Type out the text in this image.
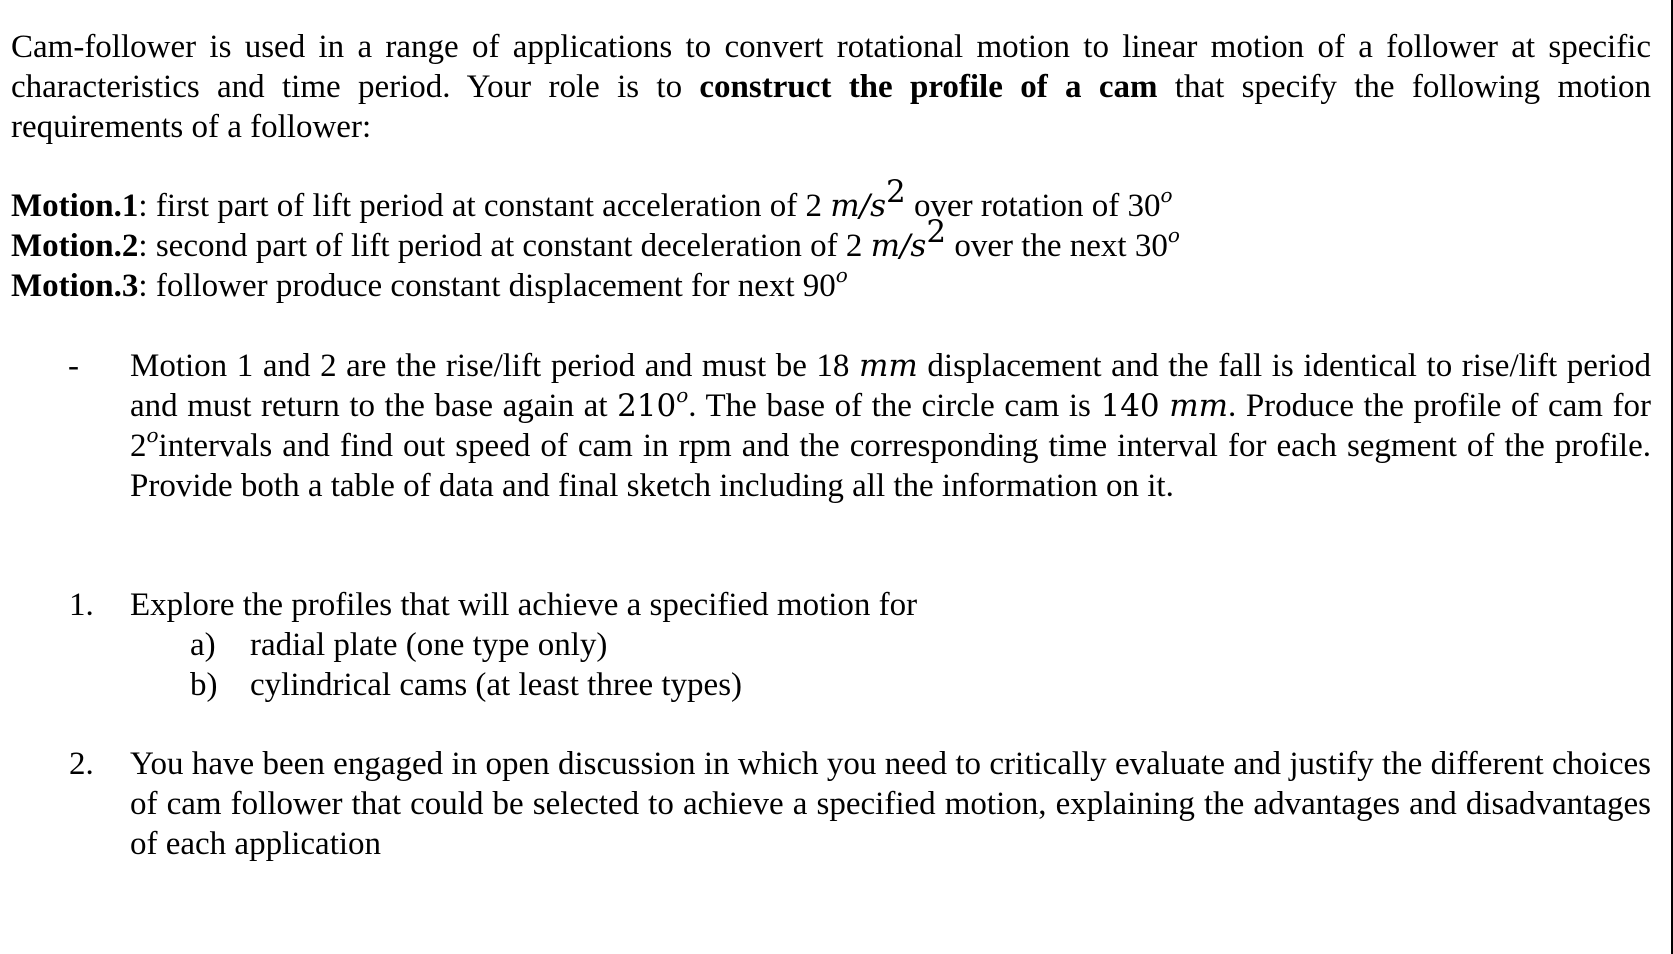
Cam-follower is used in a range of applications to convert rotational motion to linear motion of a follower at specific characteristics and time period. Your role is to construct the profile of a cam that specify the following motion requirements of a follower:
Motion.1: first part of lift period at constant acceleration of 2 $m/s^2$ over rotation of 30$^o$
Motion.2: second part of lift period at constant deceleration of 2 $m/s^2$ over the next 30$^o$
Motion.3: follower produce constant displacement for next 90$^o$
- Motion 1 and 2 are the rise/lift period and must be 18 mm displacement and the fall is identical to rise/lift period and must return to the base again at 210$^o$. The base of the circle cam is 140 mm. Produce the profile of cam for 2$^o$intervals and find out speed of cam in rpm and the corresponding time interval for each segment of the profile. Provide both a table of data and final sketch including all the information on it.
1. Explore the profiles that will achieve a specified motion for
a) radial plate (one type only)
b) cylindrical cams (at least three types)
2. You have been engaged in open discussion in which you need to critically evaluate and justify the different choices of cam follower that could be selected to achieve a specified motion, explaining the advantages and disadvantages of each application
